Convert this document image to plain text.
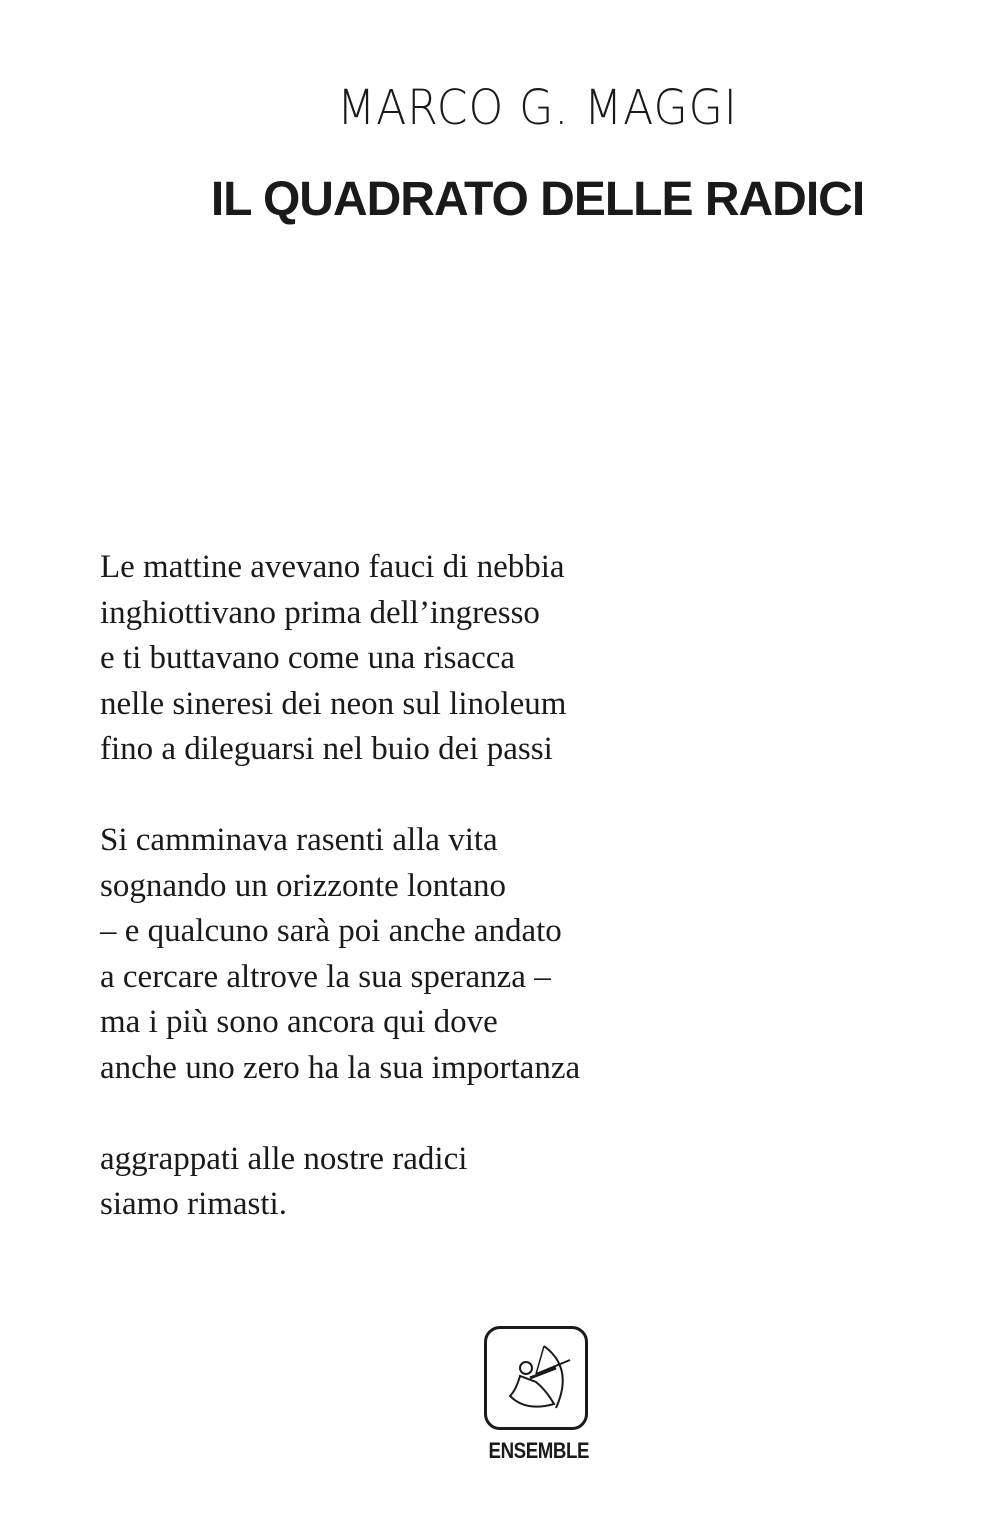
MARCO G. MAGGI
IL QUADRATO DELLE RADICI
Le mattine avevano fauci di nebbia
inghiottivano prima dell’ingresso
e ti buttavano come una risacca
nelle sineresi dei neon sul linoleum
fino a dileguarsi nel buio dei passi
Si camminava rasenti alla vita
sognando un orizzonte lontano
– e qualcuno sarà poi anche andato
a cercare altrove la sua speranza –
ma i più sono ancora qui dove
anche uno zero ha la sua importanza
aggrappati alle nostre radici
siamo rimasti.
ENSEMBLE
